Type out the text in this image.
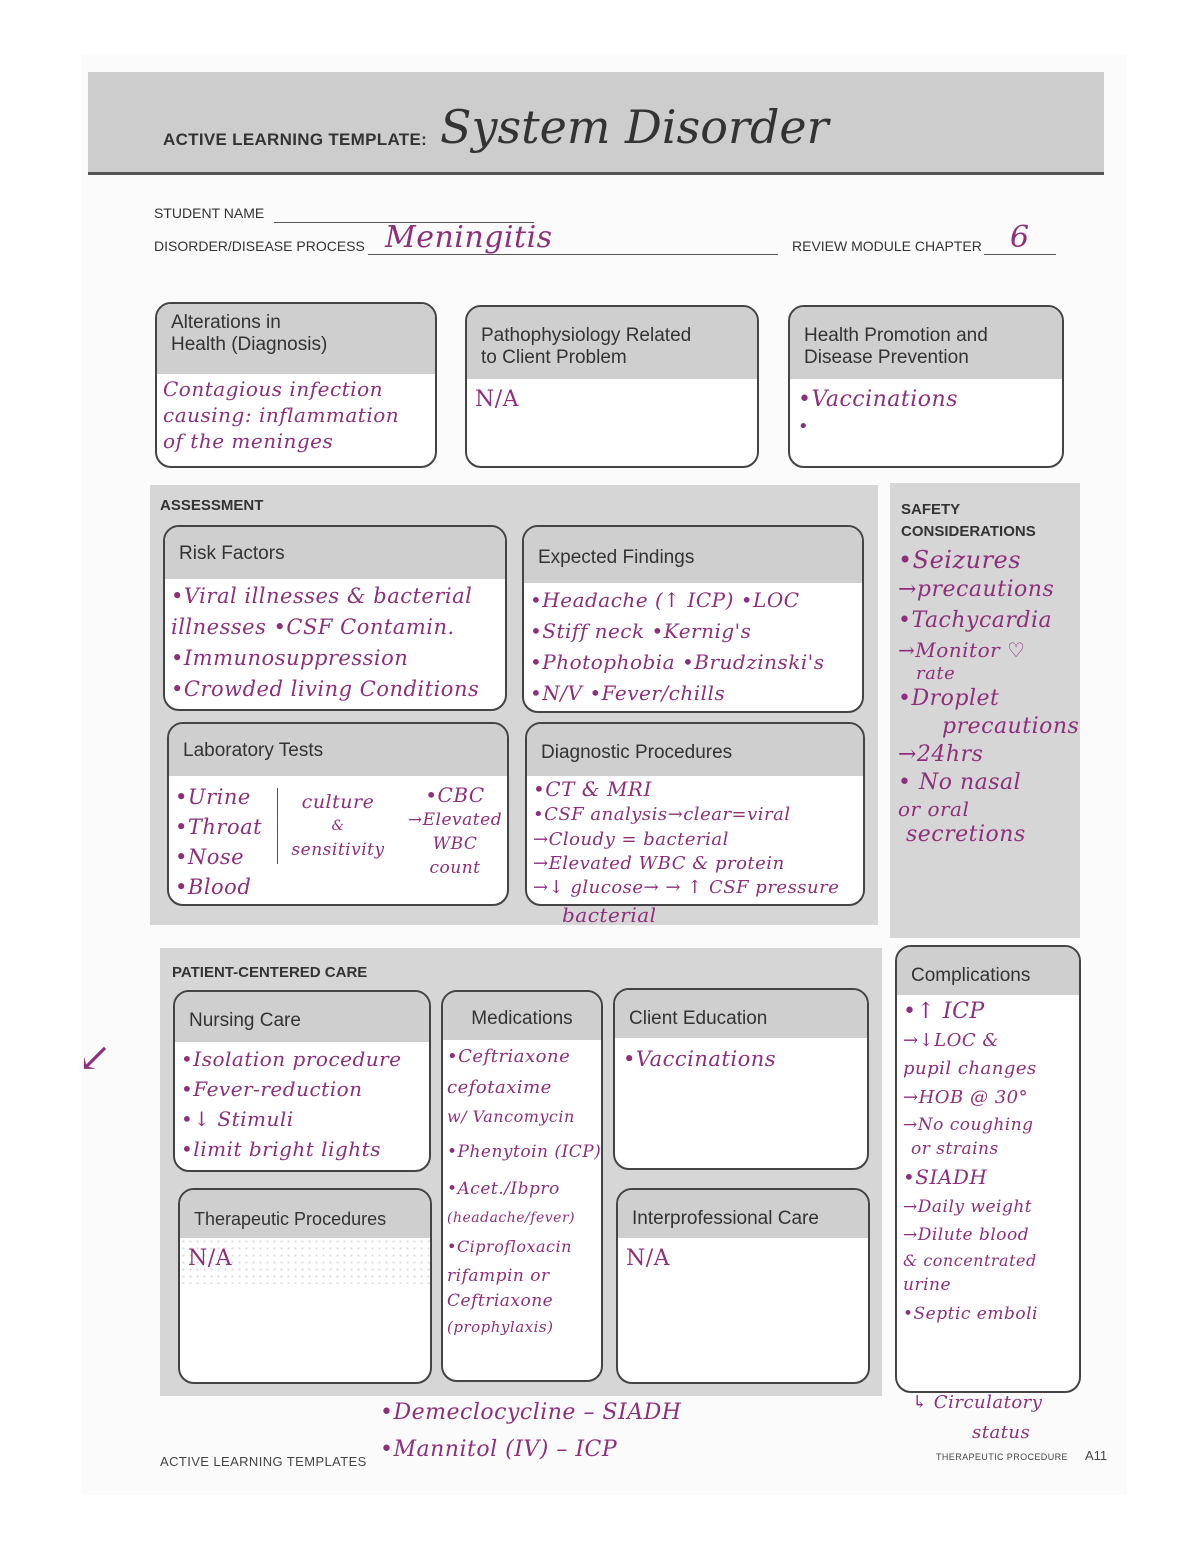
ACTIVE LEARNING TEMPLATE: System Disorder
STUDENT NAME
DISORDER/DISEASE PROCESS Meningitis	REVIEW MODULE CHAPTER 6
Alterations in
Health (Diagnosis)
Contagious infection
causing: inflammation
of the meninges
Pathophysiology Related
to Client Problem
N/A
Health Promotion and
Disease Prevention
•Vaccinations
•
ASSESSMENT
Risk Factors
•Viral illnesses & bacterial
illnesses •CSF Contamin.
•Immunosuppression
•Crowded living Conditions
Expected Findings
•Headache (↑ ICP) •LOC
•Stiff neck •Kernig's
•Photophobia •Brudzinski's
•N/V •Fever/chills
Laboratory Tests
•Urine
•Throat
•Nose
•Blood
culture
&
sensitivity
•CBC
→Elevated
WBC
count
Diagnostic Procedures
•CT & MRI
•CSF analysis→clear=viral
→Cloudy = bacterial
→Elevated WBC & protein
→↓ glucose→ → ↑ CSF pressure
bacterial
SAFETY
CONSIDERATIONS
•Seizures
→precautions
•Tachycardia
→Monitor ♡
rate
•Droplet
precautions
→24hrs
• No nasal
or oral
secretions
PATIENT-CENTERED CARE
Nursing Care
•Isolation procedure
•Fever-reduction
•↓ Stimuli
•limit bright lights
Medications
•Ceftriaxone
cefotaxime
w/ Vancomycin
•Phenytoin (ICP)
•Acet./Ibpro
(headache/fever)
•Ciprofloxacin
rifampin or
Ceftriaxone
(prophylaxis)
Client Education
•Vaccinations
Therapeutic Procedures
N/A
Interprofessional Care
N/A
Complications
•↑ ICP
→↓LOC &
pupil changes
→HOB @ 30°
→No coughing
or strains
•SIADH
→Daily weight
→Dilute blood
& concentrated
urine
•Septic emboli
↳ Circulatory
status
↙
•Demeclocycline – SIADH
•Mannitol (IV) – ICP
ACTIVE LEARNING TEMPLATES	THERAPEUTIC PROCEDURE A11
